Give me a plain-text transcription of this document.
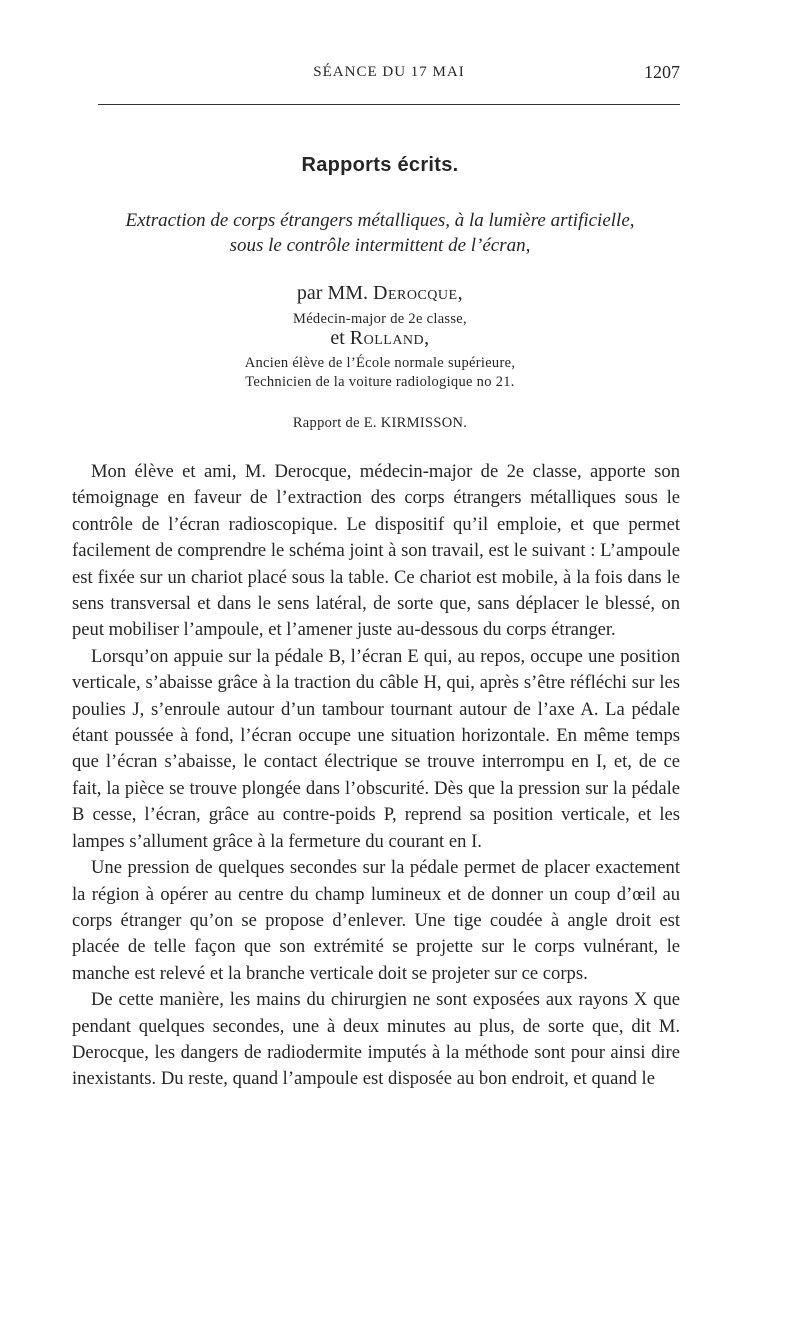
SÉANCE DU 17 MAI	1207
Rapports écrits.
Extraction de corps étrangers métalliques, à la lumière artificielle,
sous le contrôle intermittent de l’écran,
par MM. Derocque,
Médecin-major de 2e classe,
et Rolland,
Ancien élève de l’École normale supérieure,
Technicien de la voiture radiologique no 21.
Rapport de E. KIRMISSON.

Mon élève et ami, M. Derocque, médecin-major de 2e classe, apporte son témoignage en faveur de l’extraction des corps étrangers métalliques sous le contrôle de l’écran radioscopique. Le dispositif qu’il emploie, et que permet facilement de comprendre le schéma joint à son travail, est le suivant : L’ampoule est fixée sur un chariot placé sous la table. Ce chariot est mobile, à la fois dans le sens transversal et dans le sens latéral, de sorte que, sans déplacer le blessé, on peut mobiliser l’ampoule, et l’amener juste au-dessous du corps étranger.

Lorsqu’on appuie sur la pédale B, l’écran E qui, au repos, occupe une position verticale, s’abaisse grâce à la traction du câble H, qui, après s’être réfléchi sur les poulies J, s’enroule autour d’un tambour tournant autour de l’axe A. La pédale étant poussée à fond, l’écran occupe une situation horizontale. En même temps que l’écran s’abaisse, le contact électrique se trouve interrompu en I, et, de ce fait, la pièce se trouve plongée dans l’obscurité. Dès que la pression sur la pédale B cesse, l’écran, grâce au contre-poids P, reprend sa position verticale, et les lampes s’allument grâce à la fermeture du courant en I.

Une pression de quelques secondes sur la pédale permet de placer exactement la région à opérer au centre du champ lumineux et de donner un coup d’œil au corps étranger qu’on se propose d’enlever. Une tige coudée à angle droit est placée de telle façon que son extrémité se projette sur le corps vulnérant, le manche est relevé et la branche verticale doit se projeter sur ce corps.

De cette manière, les mains du chirurgien ne sont exposées aux rayons X que pendant quelques secondes, une à deux minutes au plus, de sorte que, dit M. Derocque, les dangers de radiodermite imputés à la méthode sont pour ainsi dire inexistants. Du reste, quand l’ampoule est disposée au bon endroit, et quand le
